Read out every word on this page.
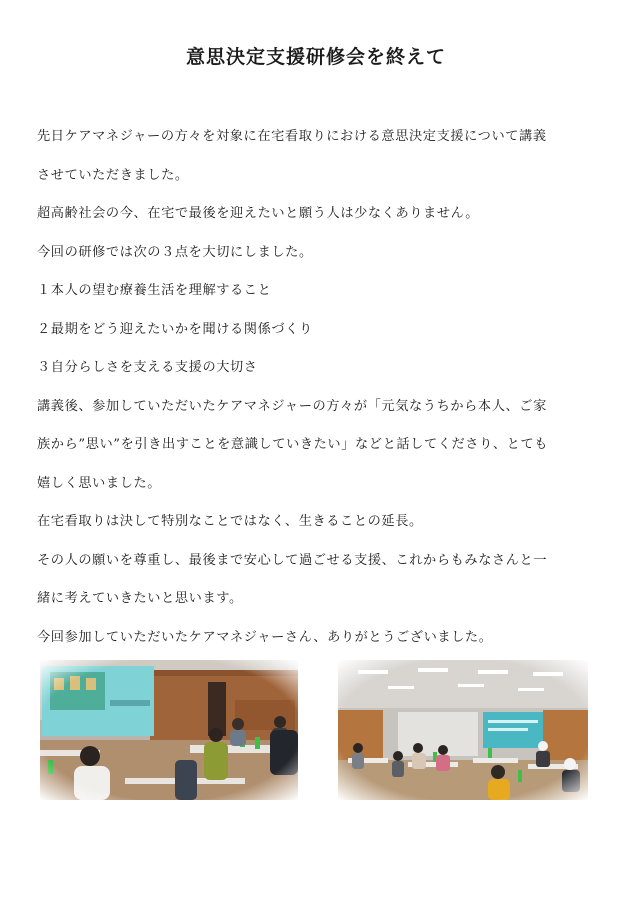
意思決定支援研修会を終えて
先日ケアマネジャーの方々を対象に在宅看取りにおける意思決定支援について講義
させていただきました。
超高齢社会の今、在宅で最後を迎えたいと願う人は少なくありません。
今回の研修では次の３点を大切にしました。
１本人の望む療養生活を理解すること
２最期をどう迎えたいかを聞ける関係づくり
３自分らしさを支える支援の大切さ
講義後、参加していただいたケアマネジャーの方々が「元気なうちから本人、ご家
族から”思い”を引き出すことを意識していきたい」などと話してくださり、とても
嬉しく思いました。
在宅看取りは決して特別なことではなく、生きることの延長。
その人の願いを尊重し、最後まで安心して過ごせる支援、これからもみなさんと一
緒に考えていきたいと思います。
今回参加していただいたケアマネジャーさん、ありがとうございました。
